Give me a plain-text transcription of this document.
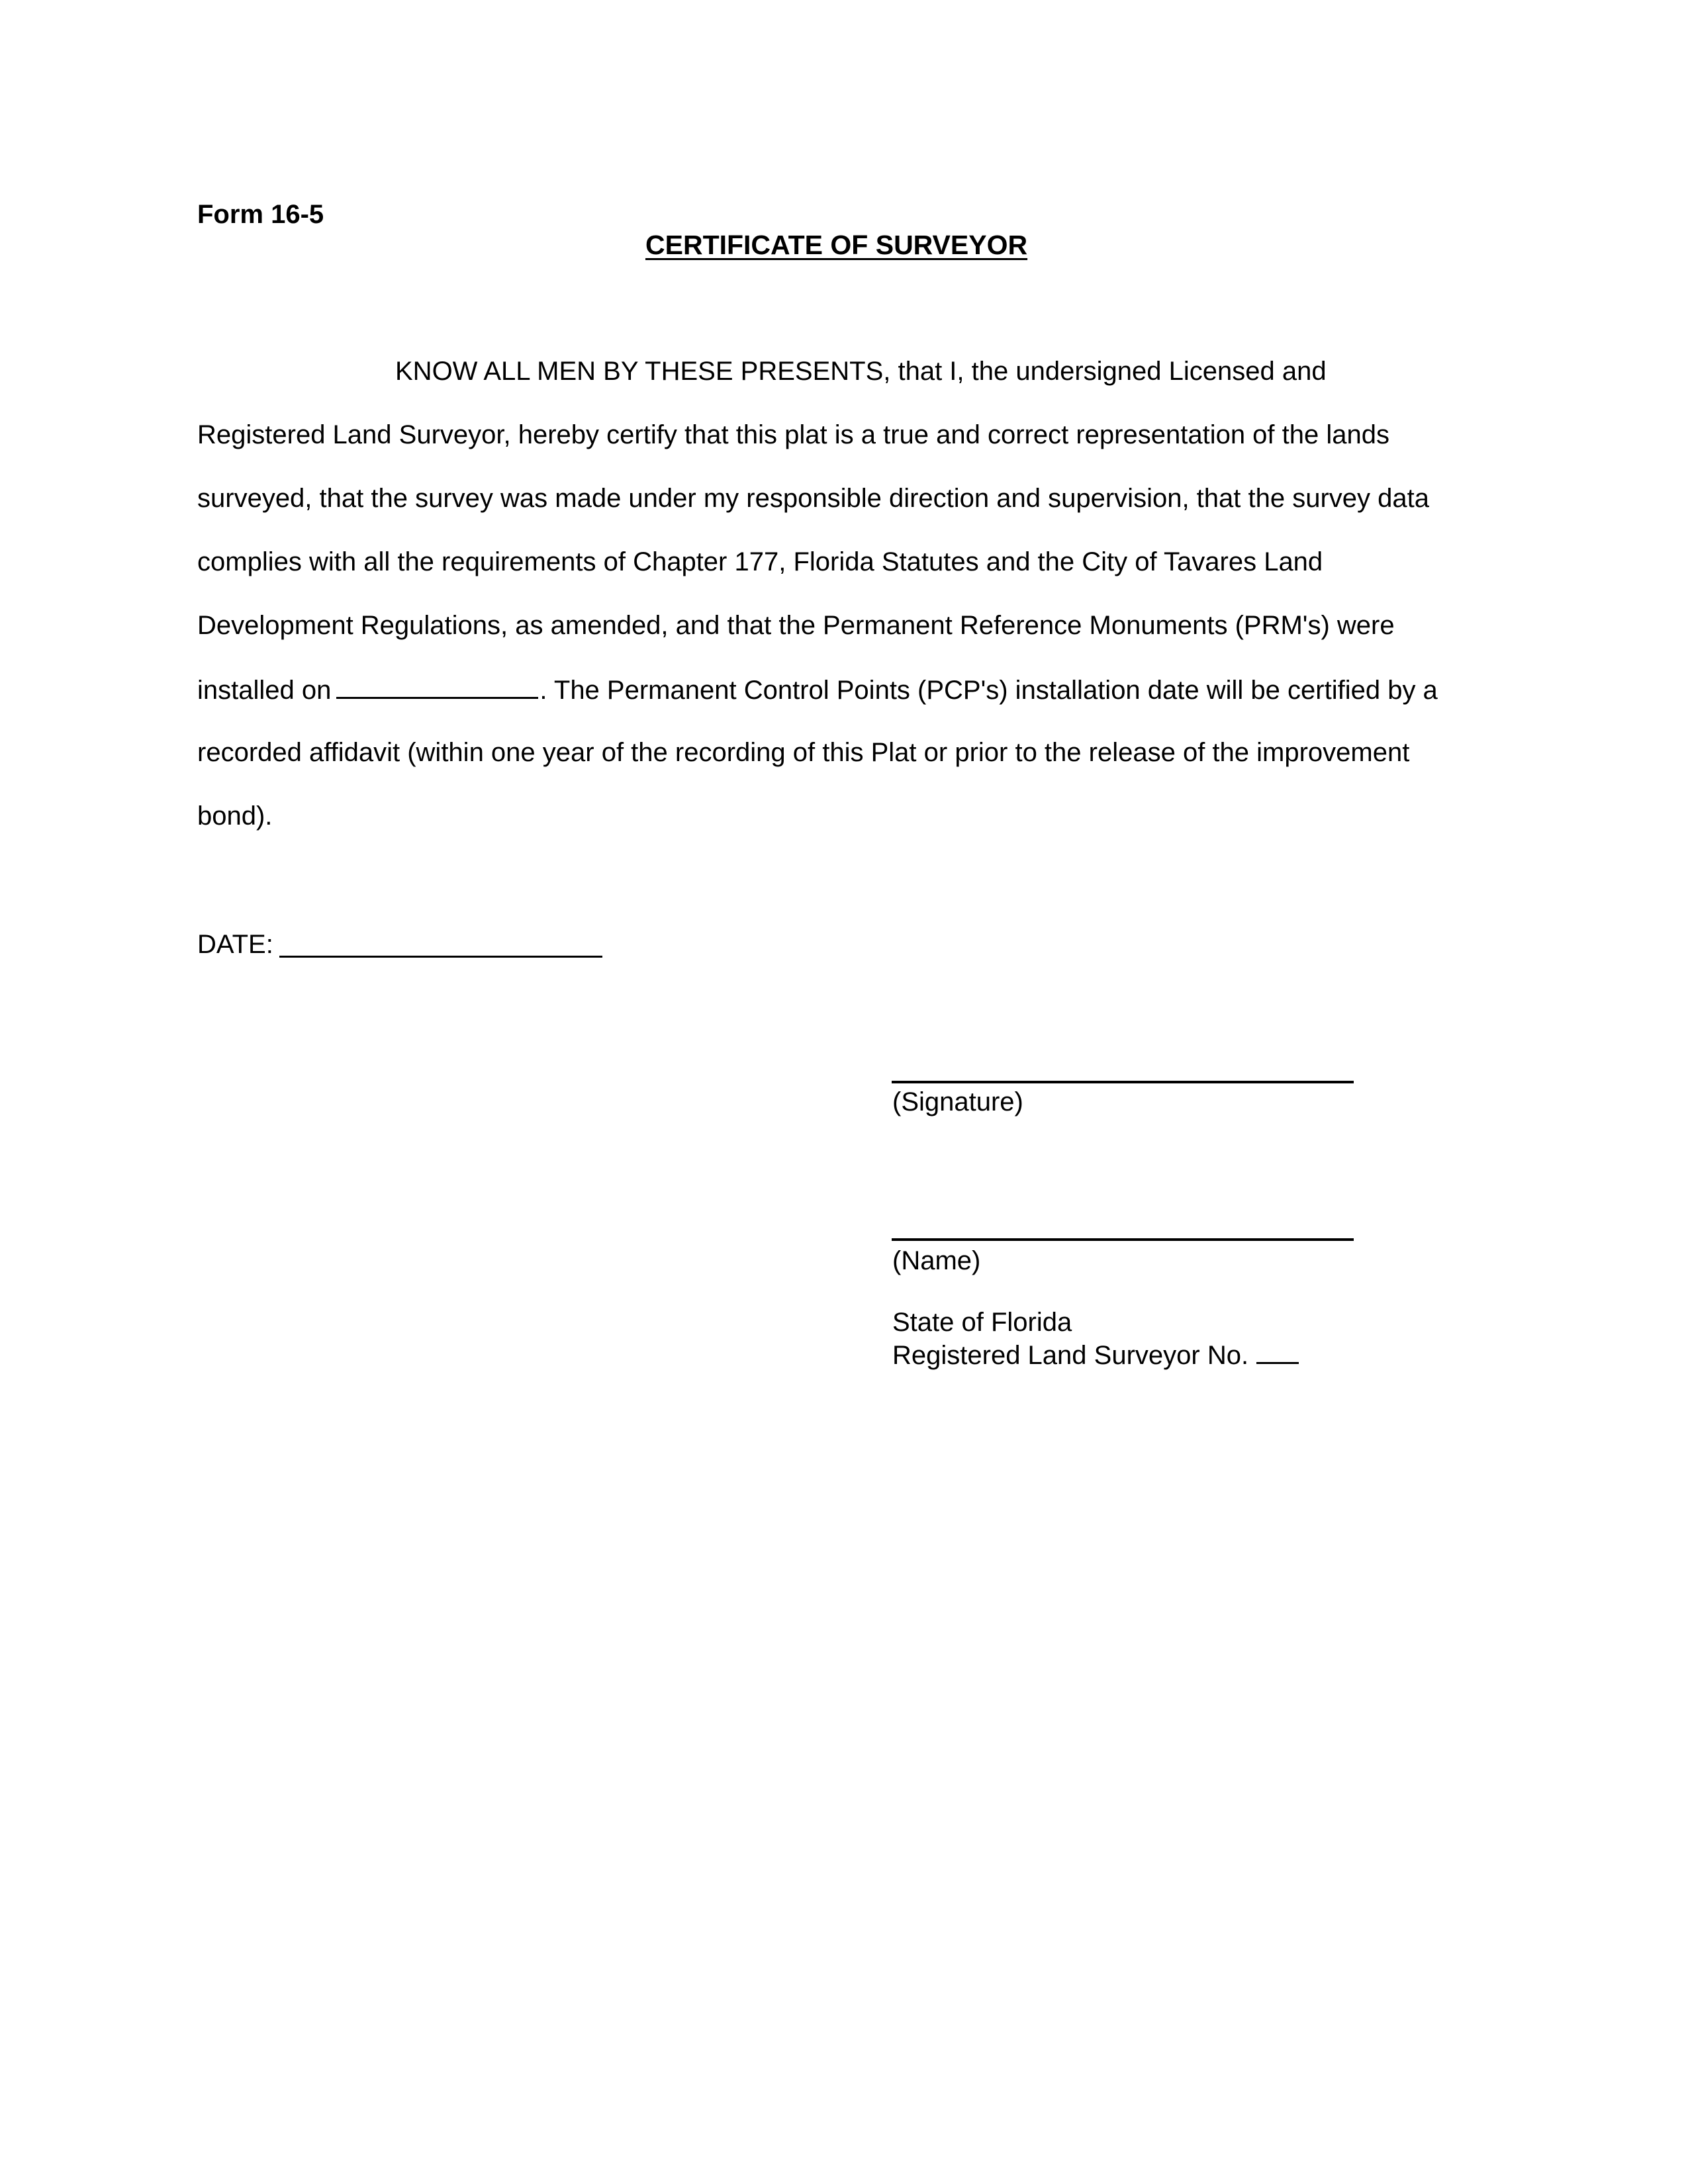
Form 16-5
CERTIFICATE OF SURVEYOR
KNOW ALL MEN BY THESE PRESENTS, that I, the undersigned Licensed and
Registered Land Surveyor, hereby certify that this plat is a true and correct representation of the lands
surveyed, that the survey was made under my responsible direction and supervision, that the survey data
complies with all the requirements of Chapter 177, Florida Statutes and the City of Tavares Land
Development Regulations, as amended, and that the Permanent Reference Monuments (PRM's) were
installed on	. The Permanent Control Points (PCP's) installation date will be certified by a
recorded affidavit (within one year of the recording of this Plat or prior to the release of the improvement
bond).
DATE:
(Signature)
(Name)
State of Florida
Registered Land Surveyor No.
